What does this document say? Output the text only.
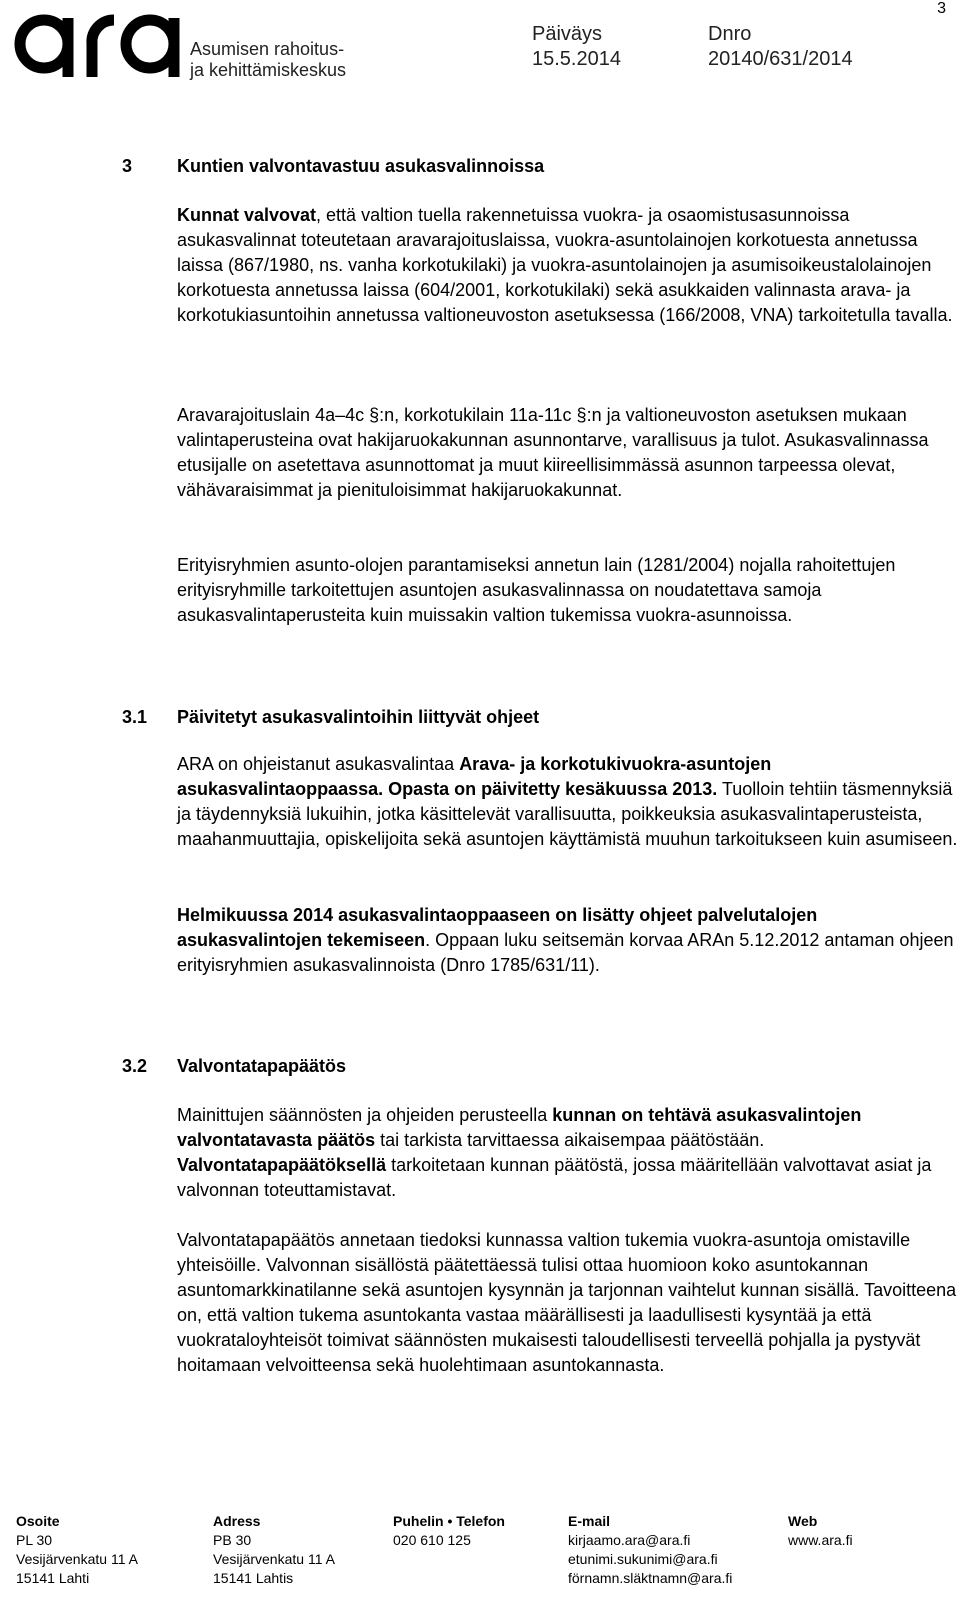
Asumisen rahoitus-
ja kehittämiskeskus
Päiväys
15.5.2014
Dnro
20140/631/2014
3
3 Kuntien valvontavastuu asukasvalinnoissa

Kunnat valvovat, että valtion tuella rakennetuissa vuokra- ja osaomistusasunnoissa asukasvalinnat toteutetaan aravarajoituslaissa, vuokra-asuntolainojen korkotuesta annetussa laissa (867/1980, ns. vanha korkotukilaki) ja vuokra-asuntolainojen ja asumisoikeustalolainojen korkotuesta annetussa laissa (604/2001, korkotukilaki) sekä asukkaiden valinnasta arava- ja korkotukiasuntoihin annetussa valtioneuvoston asetuksessa (166/2008, VNA) tarkoitetulla tavalla.

Aravarajoituslain 4a–4c §:n, korkotukilain 11a-11c §:n ja valtioneuvoston asetuksen mukaan valintaperusteina ovat hakijaruokakunnan asunnontarve, varallisuus ja tulot. Asukasvalinnassa etusijalle on asetettava asunnottomat ja muut kiireellisimmässä asunnon tarpeessa olevat, vähävaraisimmat ja pienituloisimmat hakijaruokakunnat.

Erityisryhmien asunto-olojen parantamiseksi annetun lain (1281/2004) nojalla rahoitettujen erityisryhmille tarkoitettujen asuntojen asukasvalinnassa on noudatettava samoja asukasvalintaperusteita kuin muissakin valtion tukemissa vuokra-asunnoissa.

3.1 Päivitetyt asukasvalintoihin liittyvät ohjeet

ARA on ohjeistanut asukasvalintaa Arava- ja korkotukivuokra-asuntojen asukasvalintaoppaassa. Opasta on päivitetty kesäkuussa 2013. Tuolloin tehtiin täsmennyksiä ja täydennyksiä lukuihin, jotka käsittelevät varallisuutta, poikkeuksia asukasvalintaperusteista, maahanmuuttajia, opiskelijoita sekä asuntojen käyttämistä muuhun tarkoitukseen kuin asumiseen.

Helmikuussa 2014 asukasvalintaoppaaseen on lisätty ohjeet palvelutalojen asukasvalintojen tekemiseen. Oppaan luku seitsemän korvaa ARAn 5.12.2012 antaman ohjeen erityisryhmien asukasvalinnoista (Dnro 1785/631/11).

3.2 Valvontatapapäätös

Mainittujen säännösten ja ohjeiden perusteella kunnan on tehtävä asukasvalintojen valvontatavasta päätös tai tarkista tarvittaessa aikaisempaa päätöstään. Valvontatapapäätöksellä tarkoitetaan kunnan päätöstä, jossa määritellään valvottavat asiat ja valvonnan toteuttamistavat.

Valvontatapapäätös annetaan tiedoksi kunnassa valtion tukemia vuokra-asuntoja omistaville yhteisöille. Valvonnan sisällöstä päätettäessä tulisi ottaa huomioon koko asuntokannan asuntomarkkinatilanne sekä asuntojen kysynnän ja tarjonnan vaihtelut kunnan sisällä. Tavoitteena on, että valtion tukema asuntokanta vastaa määrällisesti ja laadullisesti kysyntää ja että vuokrataloyhteisöt toimivat säännösten mukaisesti taloudellisesti terveellä pohjalla ja pystyvät hoitamaan velvoitteensa sekä huolehtimaan asuntokannasta.

Osoite
PL 30
Vesijärvenkatu 11 A
15141 Lahti
Adress
PB 30
Vesijärvenkatu 11 A
15141 Lahtis
Puhelin • Telefon
020 610 125
E-mail
kirjaamo.ara@ara.fi
etunimi.sukunimi@ara.fi
förnamn.släktnamn@ara.fi
Web
www.ara.fi
